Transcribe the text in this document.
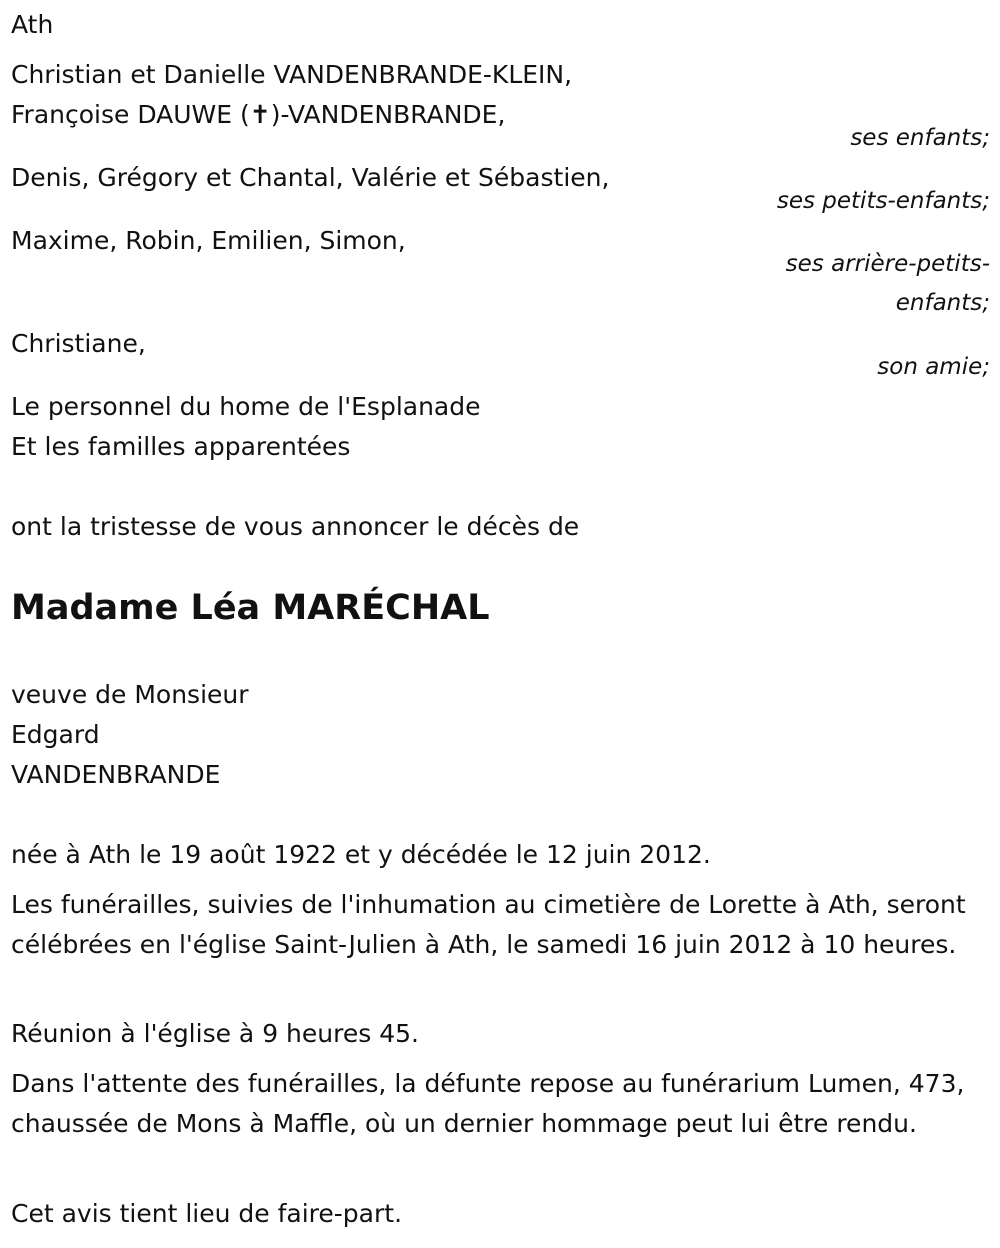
Ath
Christian et Danielle VANDENBRANDE-KLEIN,
Françoise DAUWE (✝)-VANDENBRANDE,
ses enfants;
Denis, Grégory et Chantal, Valérie et Sébastien,
ses petits-enfants;
Maxime, Robin, Emilien, Simon,
ses arrière-petits-
enfants;
Christiane,
son amie;
Le personnel du home de l'Esplanade
Et les familles apparentées
ont la tristesse de vous annoncer le décès de
Madame Léa MARÉCHAL
veuve de Monsieur
Edgard
VANDENBRANDE
née à Ath le 19 août 1922 et y décédée le 12 juin 2012.
Les funérailles, suivies de l'inhumation au cimetière de Lorette à Ath, seront célébrées en l'église Saint-Julien à Ath, le samedi 16 juin 2012 à 10 heures.
Réunion à l'église à 9 heures 45.
Dans l'attente des funérailles, la défunte repose au funérarium Lumen, 473, chaussée de Mons à Maffle, où un dernier hommage peut lui être rendu.
Cet avis tient lieu de faire-part.
